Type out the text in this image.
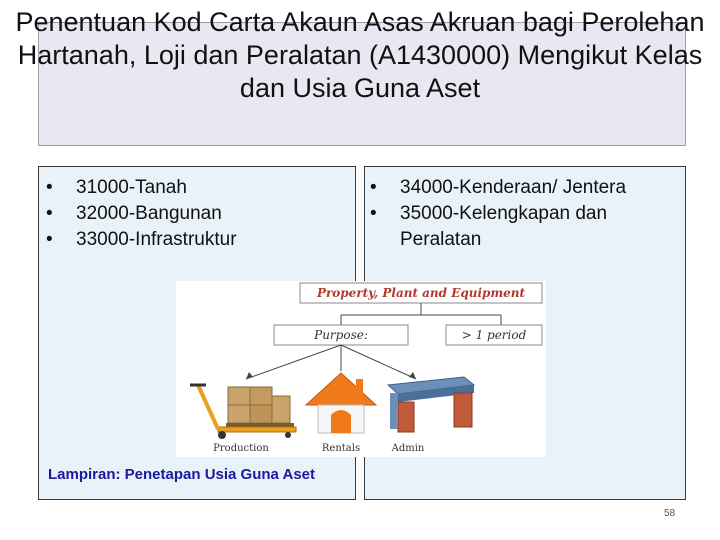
Penentuan Kod Carta Akaun Asas Akruan bagi Perolehan Hartanah, Loji dan Peralatan (A1430000) Mengikut Kelas dan Usia Guna Aset
•	31000-Tanah
•	32000-Bangunan
•	33000-Infrastruktur
•	34000-Kenderaan/ Jentera
•	35000-Kelengkapan dan Peralatan
Property, Plant and Equipment
Purpose:	> 1 period
Production	Rentals	Admin
Lampiran: Penetapan Usia Guna Aset
58
